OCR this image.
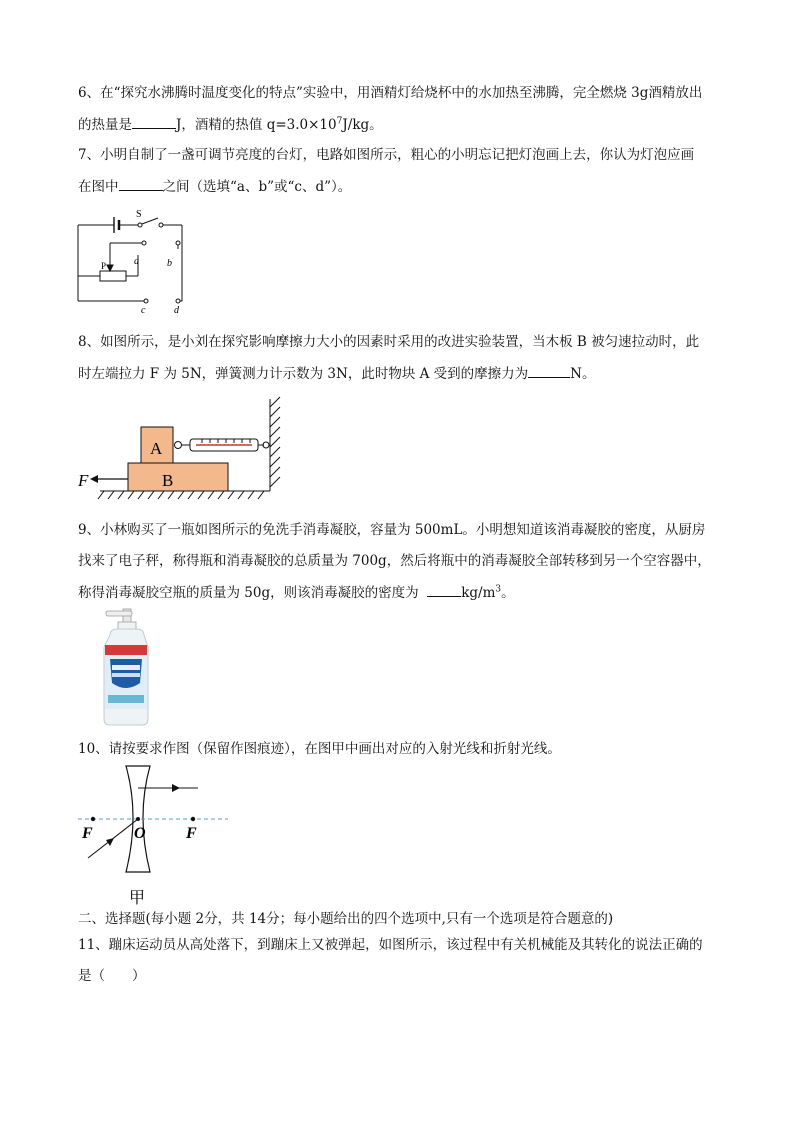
6、在“探究水沸腾时温度变化的特点”实验中，用酒精灯给烧杯中的水加热至沸腾，完全燃烧 3g酒精放出
的热量是	J，酒精的热值 $q=3.0\times 10^7J/kg$。
7、小明自制了一盏可调节亮度的台灯，电路如图所示，粗心的小明忘记把灯泡画上去，你认为灯泡应画
在图中	之间（选填“a、b”或“c、d”）。
S
P	a	b
c	d
8、如图所示，是小刘在探究影响摩擦力大小的因素时采用的改进实验装置，当木板 B 被匀速拉动时，此
时左端拉力 F 为 5N，弹簧测力计示数为 3N，此时物块 A 受到的摩擦力为	N。
A
B
F
9、小林购买了一瓶如图所示的免洗手消毒凝胶，容量为 500mL。小明想知道该消毒凝胶的密度，从厨房
找来了电子秤，称得瓶和消毒凝胶的总质量为 700g，然后将瓶中的消毒凝胶全部转移到另一个空容器中，
称得消毒凝胶空瓶的质量为 50g，则该消毒凝胶的密度为	$kg/m^3$。
10、请按要求作图（保留作图痕迹），在图甲中画出对应的入射光线和折射光线。
F	O	F
甲
二、选择题(每小题 2分，共 14分；每小题给出的四个选项中,只有一个选项是符合题意的)
11、蹦床运动员从高处落下，到蹦床上又被弹起，如图所示，该过程中有关机械能及其转化的说法正确的
是（　　）
